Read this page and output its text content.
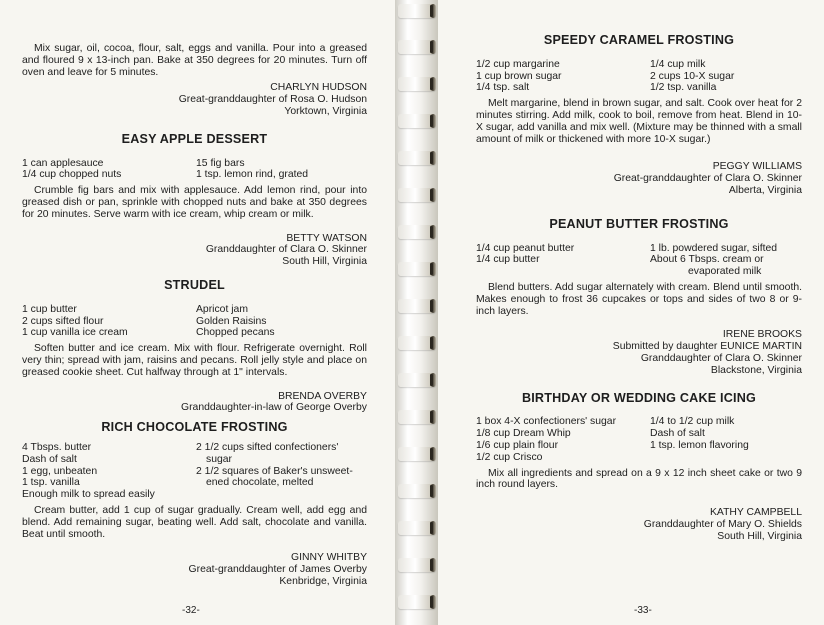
Mix sugar, oil, cocoa, flour, salt, eggs and vanilla. Pour into a greased and floured 9 x 13-inch pan. Bake at 350 degrees for 20 minutes. Turn off oven and leave for 5 minutes.

CHARLYN HUDSON

Great-granddaughter of Rosa O. Hudson

Yorktown, Virginia

EASY APPLE DESSERT
1 can applesauce	15 fig bars
1/4 cup chopped nuts	1 tsp. lemon rind, grated

Crumble fig bars and mix with applesauce. Add lemon rind, pour into greased dish or pan, sprinkle with chopped nuts and bake at 350 degrees for 20 minutes. Serve warm with ice cream, whip cream or milk.

BETTY WATSON

Granddaughter of Clara O. Skinner

South Hill, Virginia

STRUDEL
1 cup butter	Apricot jam
2 cups sifted flour	Golden Raisins
1 cup vanilla ice cream	Chopped pecans

Soften butter and ice cream. Mix with flour. Refrigerate overnight. Roll very thin; spread with jam, raisins and pecans. Roll jelly style and place on greased cookie sheet. Cut halfway through at 1" intervals.

BRENDA OVERBY

Granddaughter-in-law of George Overby

RICH CHOCOLATE FROSTING
4 Tbsps. butter	2 1/2 cups sifted confectioners'
Dash of salt	sugar
1 egg, unbeaten	2 1/2 squares of Baker's unsweet-
1 tsp. vanilla	ened chocolate, melted

Enough milk to spread easily

Cream butter, add 1 cup of sugar gradually. Cream well, add egg and blend. Add remaining sugar, beating well. Add salt, chocolate and vanilla. Beat until smooth.

GINNY WHITBY

Great-granddaughter of James Overby

Kenbridge, Virginia

-32-
SPEEDY CARAMEL FROSTING
1/2 cup margarine	1/4 cup milk
1 cup brown sugar	2 cups 10-X sugar
1/4 tsp. salt	1/2 tsp. vanilla

Melt margarine, blend in brown sugar, and salt. Cook over heat for 2 minutes stirring. Add milk, cook to boil, remove from heat. Blend in 10-X sugar, add vanilla and mix well. (Mixture may be thinned with a small amount of milk or thickened with more 10-X sugar.)

PEGGY WILLIAMS

Great-granddaughter of Clara O. Skinner

Alberta, Virginia

PEANUT BUTTER FROSTING
1/4 cup peanut butter	1 lb. powdered sugar, sifted
1/4 cup butter	About 6 Tbsps. cream or
evaporated milk

Blend butters. Add sugar alternately with cream. Blend until smooth. Makes enough to frost 36 cupcakes or tops and sides of two 8 or 9-inch layers.

IRENE BROOKS

Submitted by daughter EUNICE MARTIN

Granddaughter of Clara O. Skinner

Blackstone, Virginia

BIRTHDAY OR WEDDING CAKE ICING
1 box 4-X confectioners' sugar	1/4 to 1/2 cup milk
1/8 cup Dream Whip	Dash of salt
1/6 cup plain flour	1 tsp. lemon flavoring
1/2 cup Crisco

Mix all ingredients and spread on a 9 x 12 inch sheet cake or two 9 inch round layers.

KATHY CAMPBELL

Granddaughter of Mary O. Shields

South Hill, Virginia

-33-
